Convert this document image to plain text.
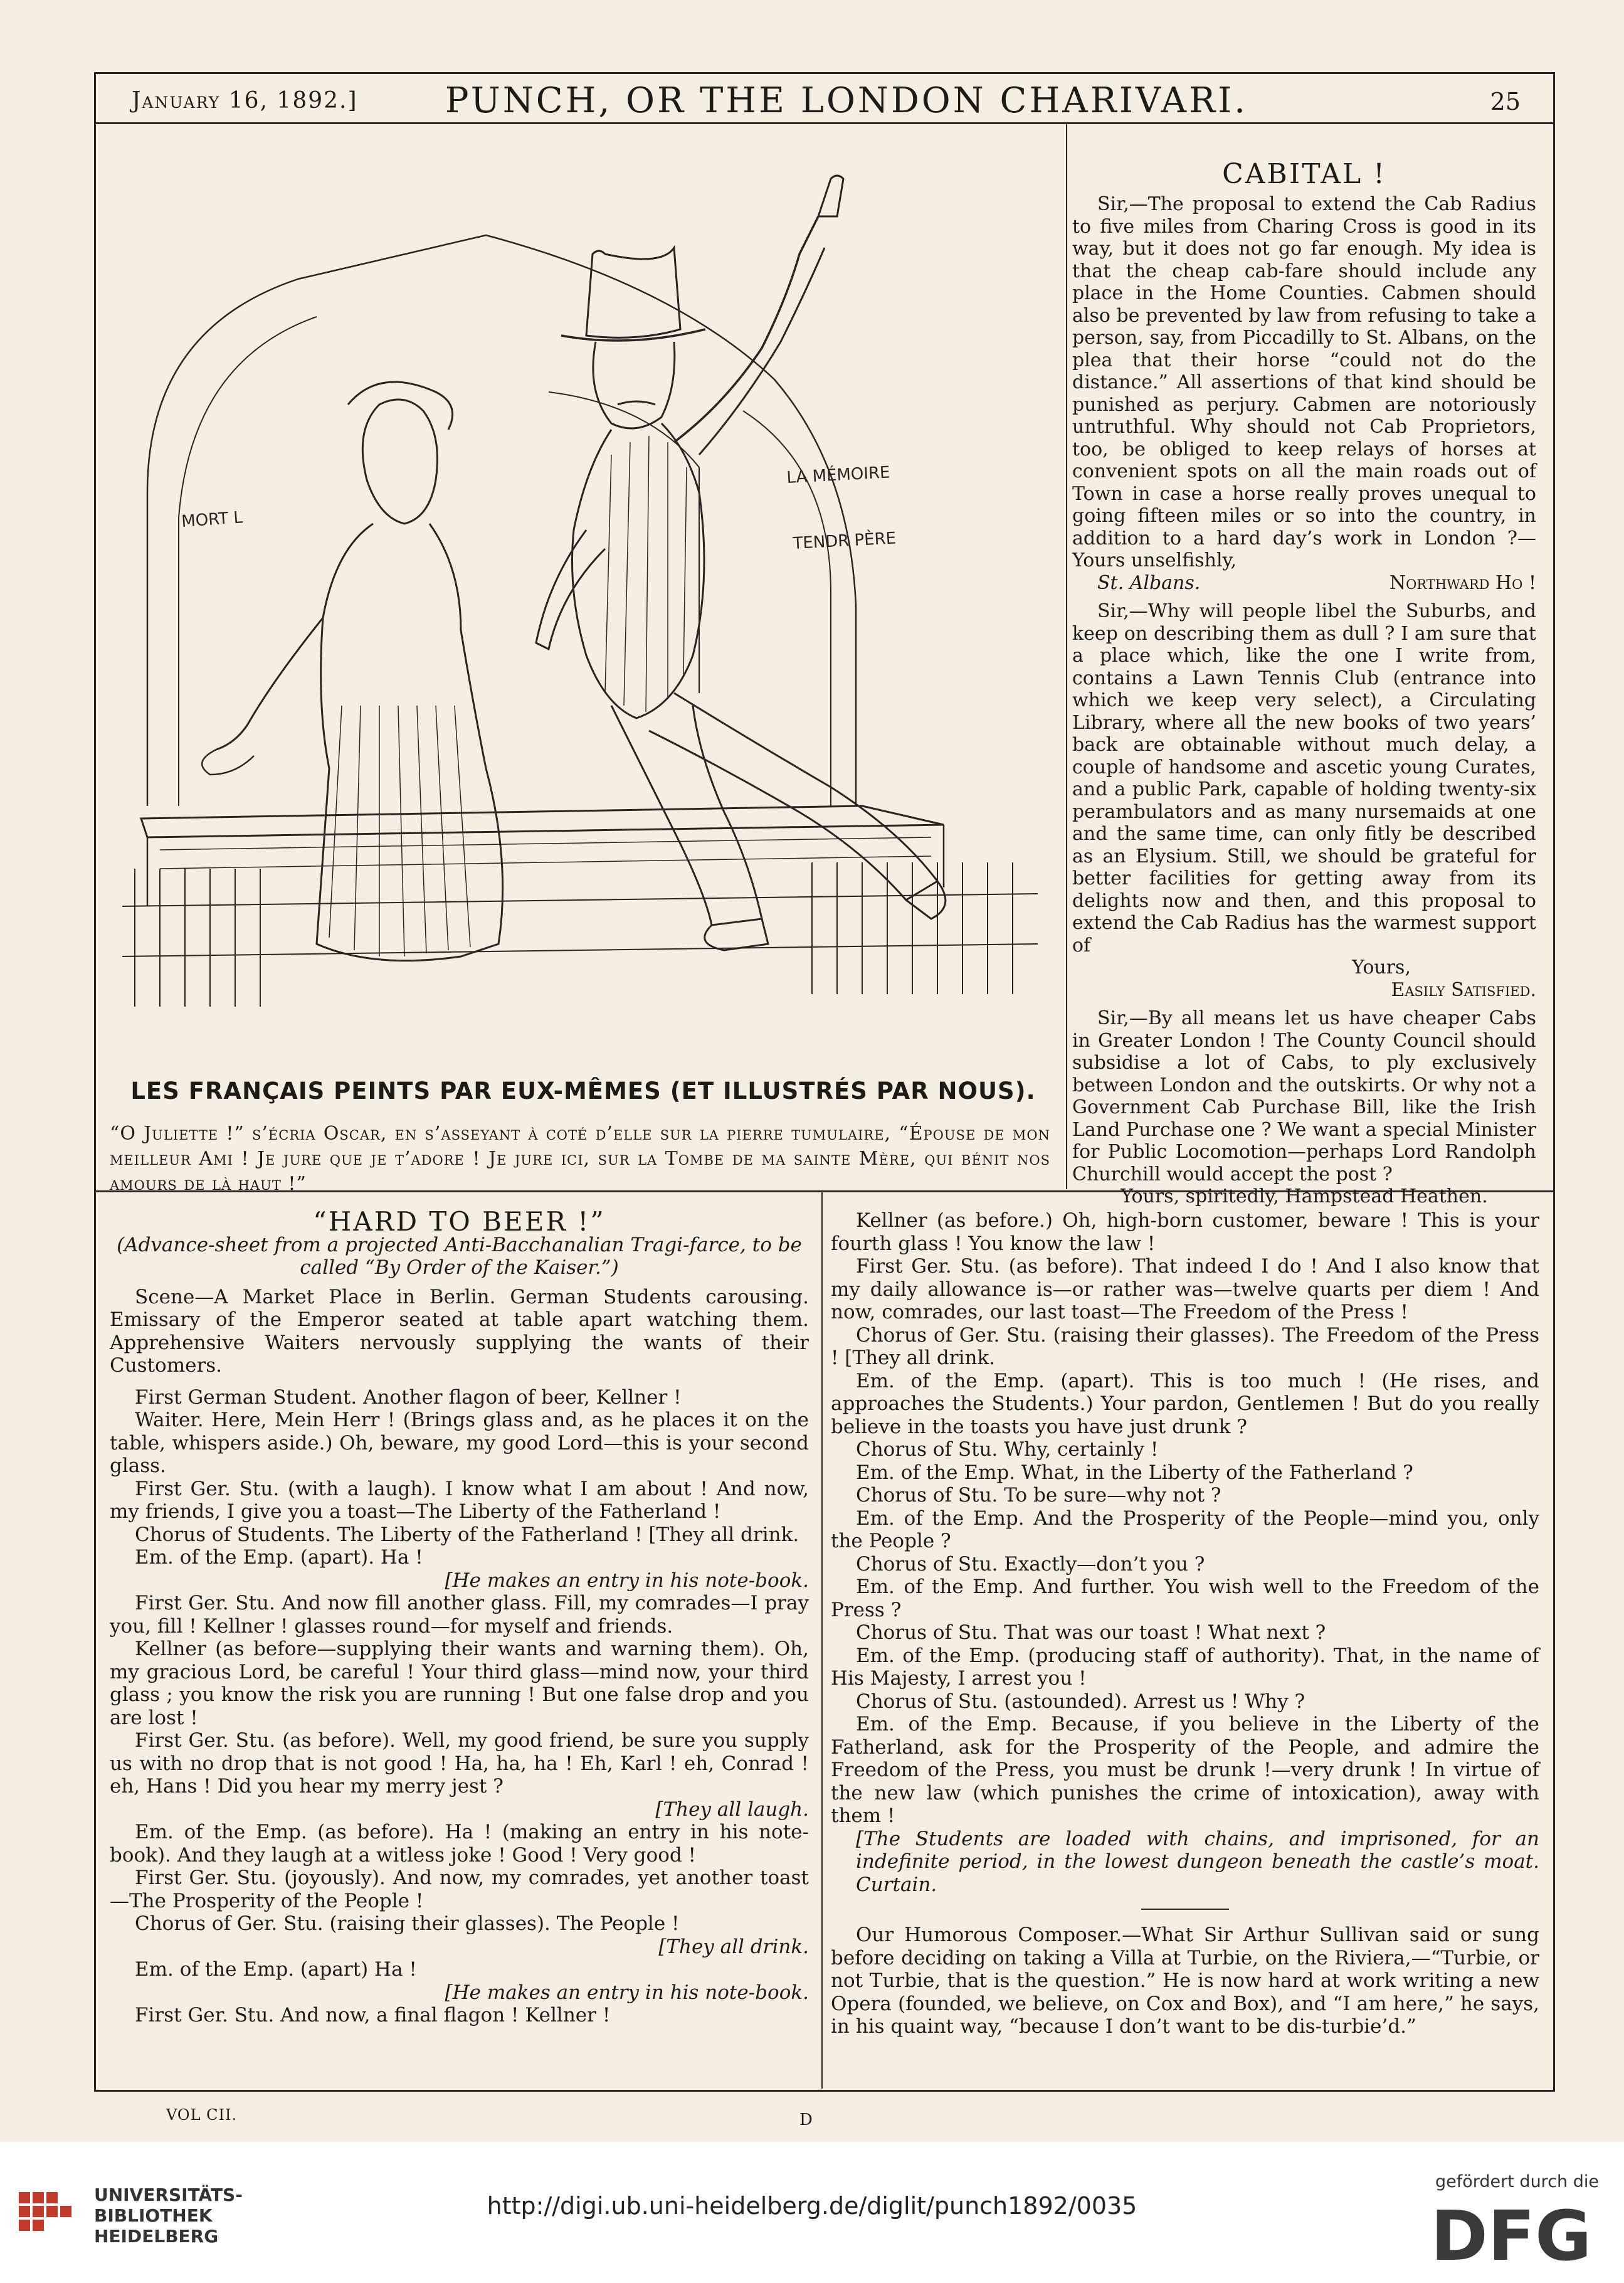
January 16, 1892.] PUNCH, OR THE LONDON CHARIVARI.	25
LA MÉMOIRE
MORT L
TENDR PÈRE
LES FRANÇAIS PEINTS PAR EUX-MÊMES (ET ILLUSTRÉS PAR NOUS).
“O Juliette !” s’écria Oscar, en s’asseyant à coté d’elle sur la pierre tumulaire, “Épouse de mon meilleur Ami ! Je jure que je t’adore ! Je jure ici, sur la Tombe de ma sainte Mère, qui bénit nos amours de là haut !”
CABITAL !

Sir,—The proposal to extend the Cab Radius to five miles from Charing Cross is good in its way, but it does not go far enough. My idea is that the cheap cab-fare should include any place in the Home Counties. Cabmen should also be prevented by law from refusing to take a person, say, from Piccadilly to St. Albans, on the plea that their horse “could not do the distance.” All assertions of that kind should be punished as perjury. Cabmen are notoriously untruthful. Why should not Cab Proprietors, too, be obliged to keep relays of horses at convenient spots on all the main roads out of Town in case a horse really proves unequal to going fifteen miles or so into the country, in addition to a hard day’s work in London ?—Yours unselfishly,

St. Albans.	Northward Ho !

Sir,—Why will people libel the Suburbs, and keep on describing them as dull ? I am sure that a place which, like the one I write from, contains a Lawn Tennis Club (entrance into which we keep very select), a Circulating Library, where all the new books of two years’ back are obtainable without much delay, a couple of handsome and ascetic young Curates, and a public Park, capable of holding twenty-six perambulators and as many nursemaids at one and the same time, can only fitly be described as an Elysium. Still, we should be grateful for better facilities for getting away from its delights now and then, and this proposal to extend the Cab Radius has the warmest support of

Yours,

Easily Satisfied.

Sir,—By all means let us have cheaper Cabs in Greater London ! The County Council should subsidise a lot of Cabs, to ply exclusively between London and the outskirts. Or why not a Government Cab Purchase Bill, like the Irish Land Purchase one ? We want a special Minister for Public Locomotion—perhaps Lord Randolph Churchill would accept the post ?

Yours, spiritedly, Hampstead Heathen.

“HARD TO BEER !”

(Advance-sheet from a projected Anti-Bacchanalian Tragi-farce, to be called “By Order of the Kaiser.”)

Scene—A Market Place in Berlin. German Students carousing. Emissary of the Emperor seated at table apart watching them. Apprehensive Waiters nervously supplying the wants of their Customers.

First German Student. Another flagon of beer, Kellner !

Waiter. Here, Mein Herr ! (Brings glass and, as he places it on the table, whispers aside.) Oh, beware, my good Lord—this is your second glass.

First Ger. Stu. (with a laugh). I know what I am about ! And now, my friends, I give you a toast—The Liberty of the Fatherland !

Chorus of Students. The Liberty of the Fatherland ! [They all drink.

Em. of the Emp. (apart). Ha !

[He makes an entry in his note-book.

First Ger. Stu. And now fill another glass. Fill, my comrades—I pray you, fill ! Kellner ! glasses round—for myself and friends.

Kellner (as before—supplying their wants and warning them). Oh, my gracious Lord, be careful ! Your third glass—mind now, your third glass ; you know the risk you are running ! But one false drop and you are lost !

First Ger. Stu. (as before). Well, my good friend, be sure you supply us with no drop that is not good ! Ha, ha, ha ! Eh, Karl ! eh, Conrad ! eh, Hans ! Did you hear my merry jest ?

[They all laugh.

Em. of the Emp. (as before). Ha ! (making an entry in his note-book). And they laugh at a witless joke ! Good ! Very good !

First Ger. Stu. (joyously). And now, my comrades, yet another toast—The Prosperity of the People !

Chorus of Ger. Stu. (raising their glasses). The People !

[They all drink.

Em. of the Emp. (apart) Ha !

[He makes an entry in his note-book.

First Ger. Stu. And now, a final flagon ! Kellner !

Kellner (as before.) Oh, high-born customer, beware ! This is your fourth glass ! You know the law !

First Ger. Stu. (as before). That indeed I do ! And I also know that my daily allowance is—or rather was—twelve quarts per diem ! And now, comrades, our last toast—The Freedom of the Press !

Chorus of Ger. Stu. (raising their glasses). The Freedom of the Press ! [They all drink.

Em. of the Emp. (apart). This is too much ! (He rises, and approaches the Students.) Your pardon, Gentlemen ! But do you really believe in the toasts you have just drunk ?

Chorus of Stu. Why, certainly !

Em. of the Emp. What, in the Liberty of the Fatherland ?

Chorus of Stu. To be sure—why not ?

Em. of the Emp. And the Prosperity of the People—mind you, only the People ?

Chorus of Stu. Exactly—don’t you ?

Em. of the Emp. And further. You wish well to the Freedom of the Press ?

Chorus of Stu. That was our toast ! What next ?

Em. of the Emp. (producing staff of authority). That, in the name of His Majesty, I arrest you !

Chorus of Stu. (astounded). Arrest us ! Why ?

Em. of the Emp. Because, if you believe in the Liberty of the Fatherland, ask for the Prosperity of the People, and admire the Freedom of the Press, you must be drunk !—very drunk ! In virtue of the new law (which punishes the crime of intoxication), away with them !

[The Students are loaded with chains, and imprisoned, for an indefinite period, in the lowest dungeon beneath the castle’s moat. Curtain.

Our Humorous Composer.—What Sir Arthur Sullivan said or sung before deciding on taking a Villa at Turbie, on the Riviera,—“Turbie, or not Turbie, that is the question.” He is now hard at work writing a new Opera (founded, we believe, on Cox and Box), and “I am here,” he says, in his quaint way, “because I don’t want to be dis-turbie’d.”

VOL CII.	D
UNIVERSITÄTS-
BIBLIOTHEK
HEIDELBERG
http://digi.ub.uni-heidelberg.de/diglit/punch1892/0035
gefördert durch die
DFG
